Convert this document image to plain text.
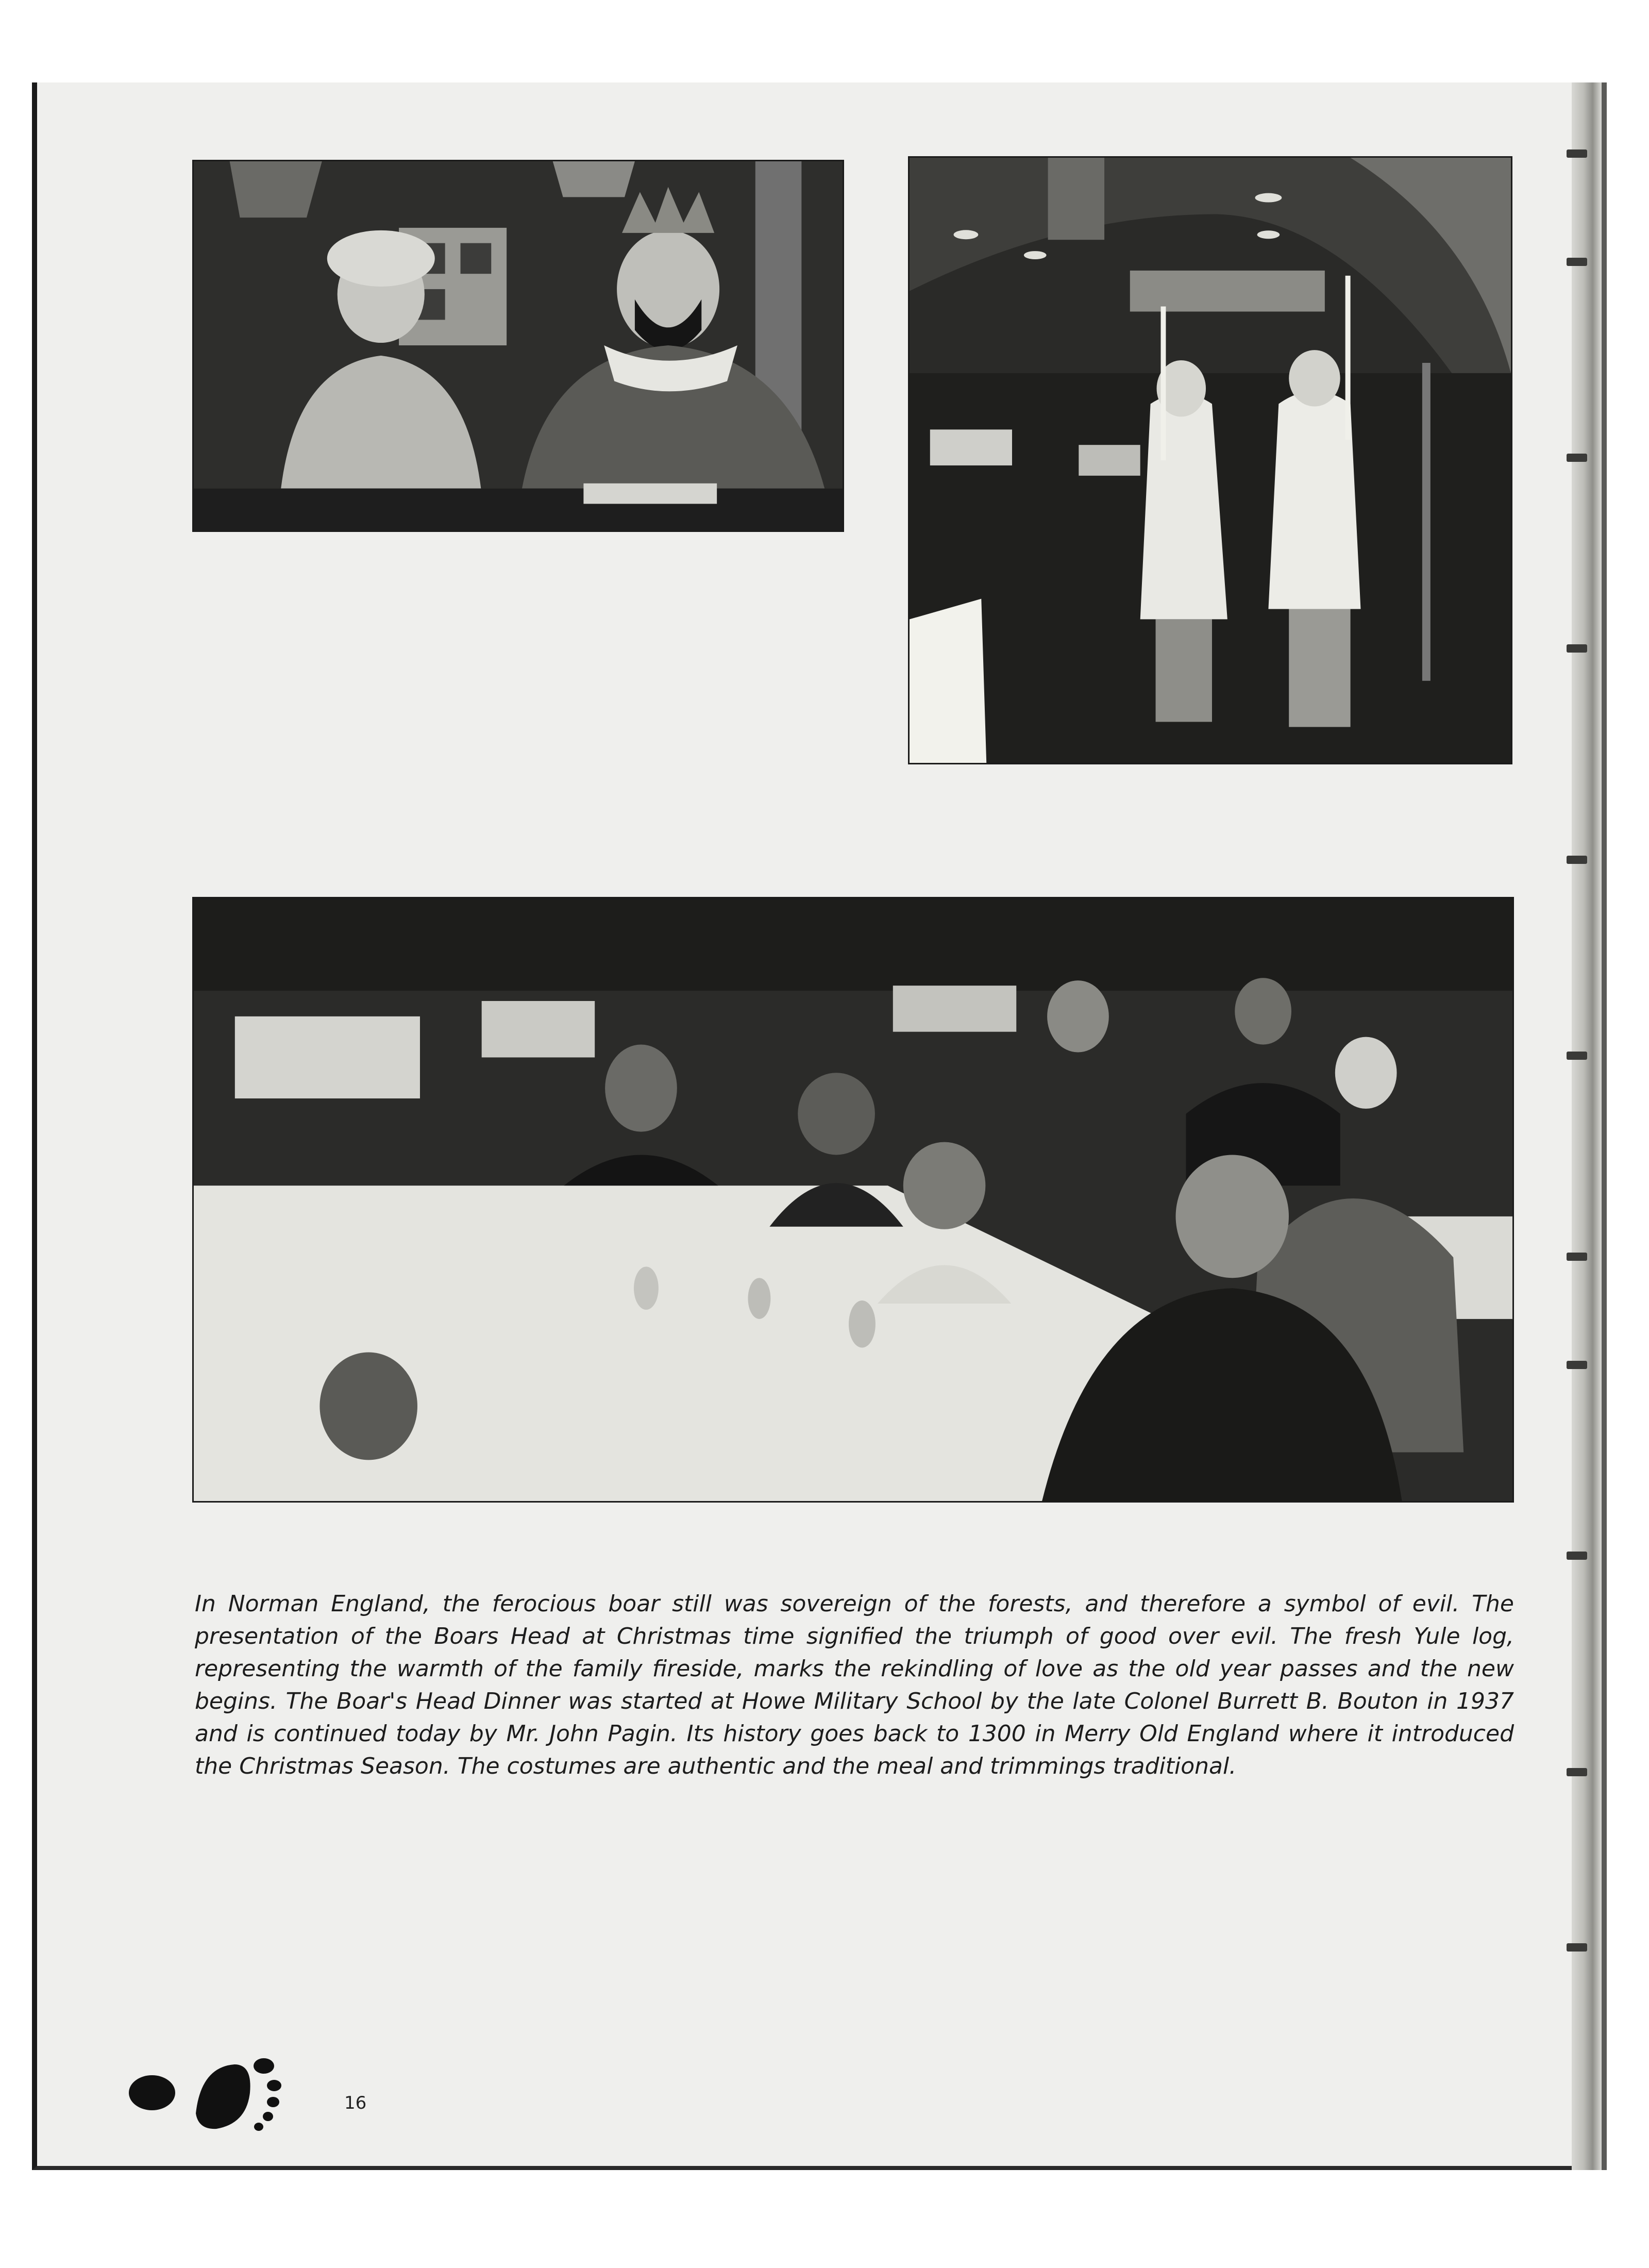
In Norman England, the ferocious boar still was sovereign of the forests, and therefore a symbol of evil. The presentation of the Boars Head at Christmas time signified the triumph of good over evil. The fresh Yule log, representing the warmth of the family fireside, marks the rekindling of love as the old year passes and the new begins. The Boar's Head Dinner was started at Howe Military School by the late Colonel Burrett B. Bouton in 1937 and is continued today by Mr. John Pagin. Its history goes back to 1300 in Merry Old England where it introduced the Christmas Season. The costumes are authentic and the meal and trimmings traditional.

16
